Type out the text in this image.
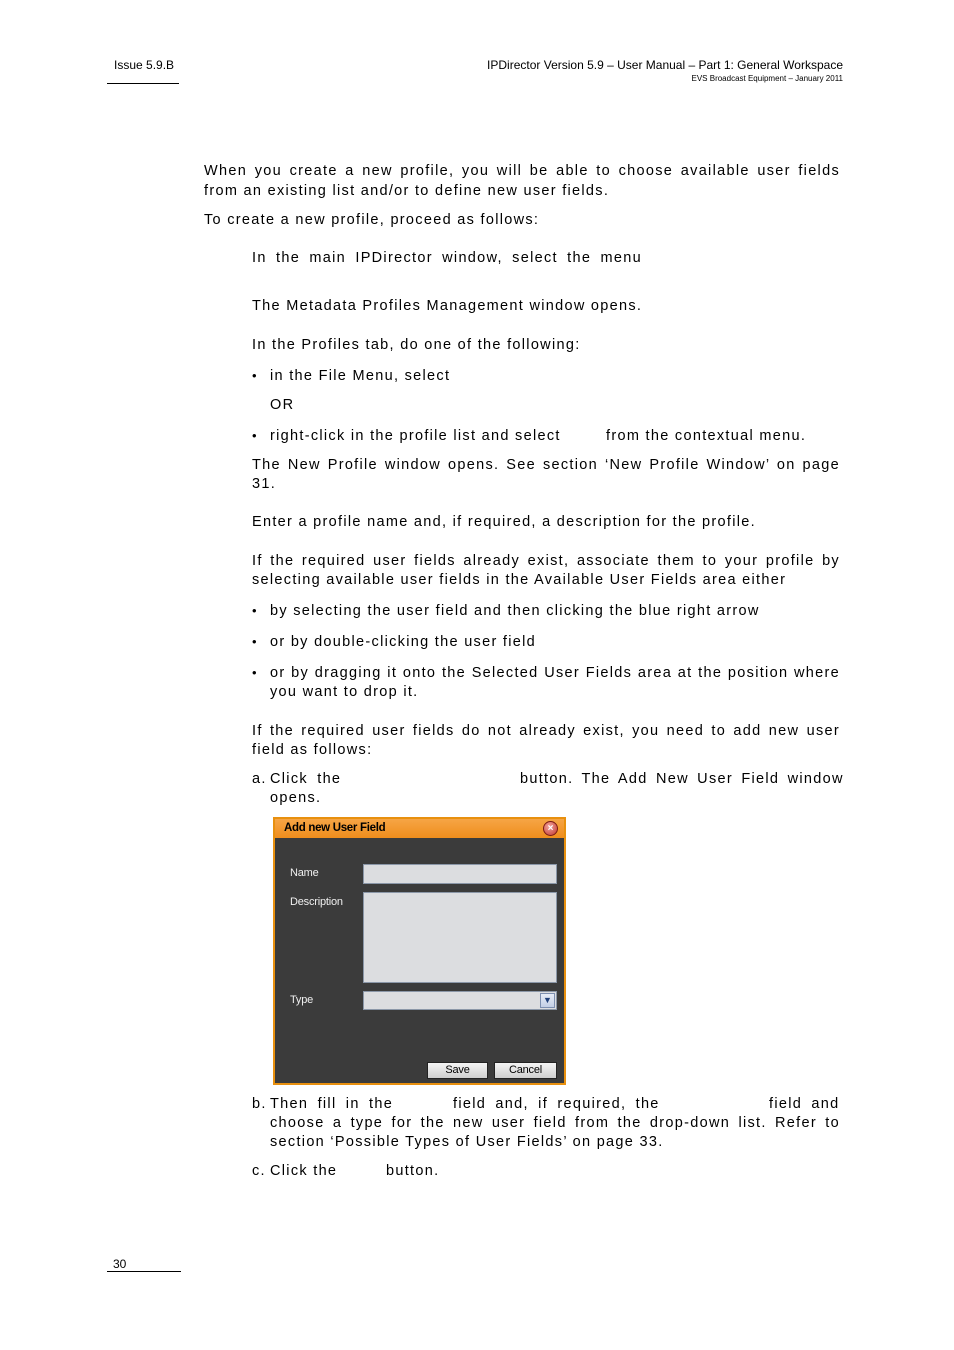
Issue 5.9.B	IPDirector Version 5.9 – User Manual – Part 1: General Workspace
EVS Broadcast Equipment – January 2011
When you create a new profile, you will be able to choose available user fields
from an existing list and/or to define new user fields.
To create a new profile, proceed as follows:
In the main IPDirector window, select the menu
The Metadata Profiles Management window opens.
In the Profiles tab, do one of the following:
• in the File Menu, select
OR
• right-click in the profile list and select	from the contextual menu.
The New Profile window opens. See section ‘New Profile Window’ on page
31.
Enter a profile name and, if required, a description for the profile.
If the required user fields already exist, associate them to your profile by
selecting available user fields in the Available User Fields area either
• by selecting the user field and then clicking the blue right arrow
• or by double-clicking the user field
• or by dragging it onto the Selected User Fields area at the position where
you want to drop it.
If the required user fields do not already exist, you need to add new user
field as follows:
a. Click the	button. The Add New User Field window
opens.
Add new User Field	×
Name
Description
Type	▼
Save	Cancel
b. Then fill in the	field and, if required, the	field and
choose a type for the new user field from the drop-down list. Refer to
section ‘Possible Types of User Fields’ on page 33.
c. Click the	button.
30
